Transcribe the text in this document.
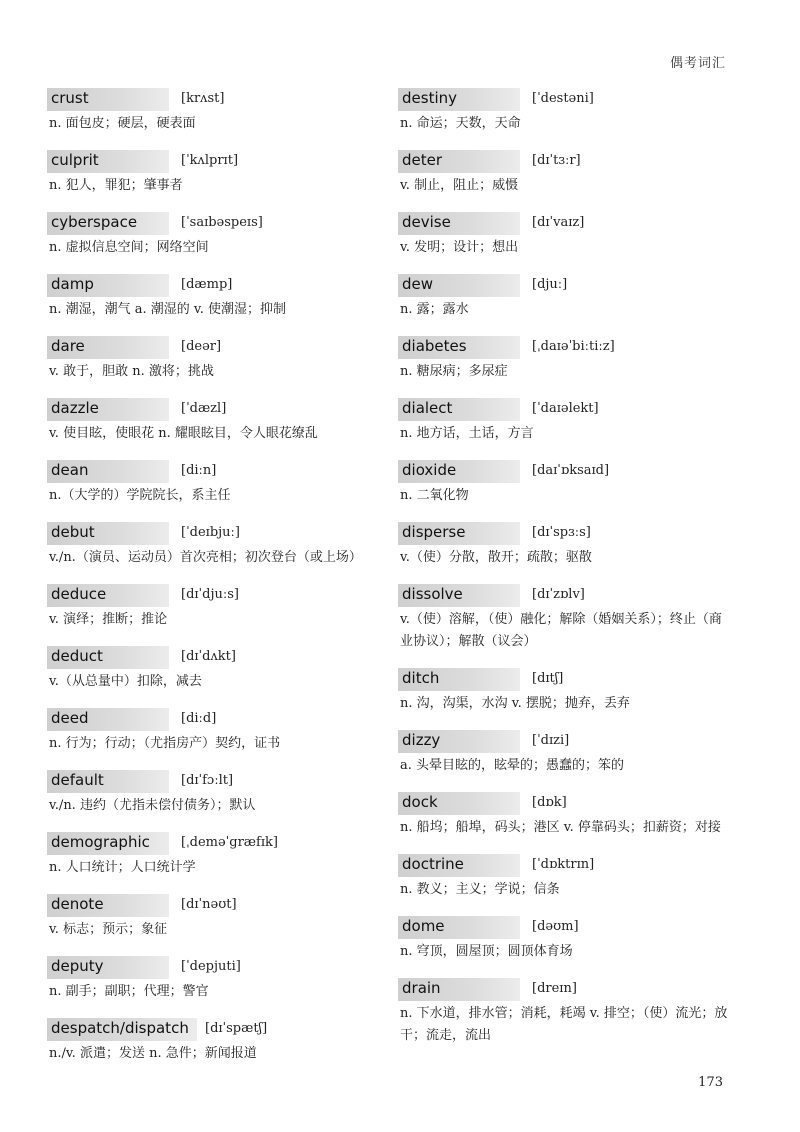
偶考词汇
crust	[krʌst]
n. 面包皮；硬层，硬表面
culprit	[ˈkʌlprɪt]
n. 犯人，罪犯；肇事者
cyberspace	[ˈsaɪbəspeɪs]
n. 虚拟信息空间；网络空间
damp	[dæmp]
n. 潮湿，潮气 a. 潮湿的 v. 使潮湿；抑制
dare	[deər]
v. 敢于，胆敢 n. 激将；挑战
dazzle	[ˈdæzl]
v. 使目眩，使眼花 n. 耀眼眩目，令人眼花缭乱
dean	[diːn]
n.（大学的）学院院长，系主任
debut	[ˈdeɪbjuː]
v./n.（演员、运动员）首次亮相；初次登台（或上场）
deduce	[dɪˈdjuːs]
v. 演绎；推断；推论
deduct	[dɪˈdʌkt]
v.（从总量中）扣除，减去
deed	[diːd]
n. 行为；行动；（尤指房产）契约，证书
default	[dɪˈfɔːlt]
v./n. 违约（尤指未偿付债务）；默认
demographic [ˌdeməˈgræfɪk]
n. 人口统计；人口统计学
denote	[dɪˈnəʊt]
v. 标志；预示；象征
deputy	[ˈdepjuti]
n. 副手；副职；代理；警官
despatch/dispatch [dɪˈspætʃ]
n./v. 派遣；发送 n. 急件；新闻报道
destiny	[ˈdestəni]
n. 命运；天数，天命
deter	[dɪˈtɜːr]
v. 制止，阻止；威慑
devise	[dɪˈvaɪz]
v. 发明；设计；想出
dew	[djuː]
n. 露；露水
diabetes	[ˌdaɪəˈbiːtiːz]
n. 糖尿病；多尿症
dialect	[ˈdaɪəlekt]
n. 地方话，土话，方言
dioxide	[daɪˈɒksaɪd]
n. 二氧化物
disperse	[dɪˈspɜːs]
v.（使）分散，散开；疏散；驱散
dissolve	[dɪˈzɒlv]
v.（使）溶解，（使）融化；解除（婚姻关系）；终止（商业协议）；解散（议会）
ditch	[dɪtʃ]
n. 沟，沟渠，水沟 v. 摆脱；抛弃，丢弃
dizzy	[ˈdɪzi]
a. 头晕目眩的，眩晕的；愚蠢的；笨的
dock	[dɒk]
n. 船坞；船埠，码头；港区 v. 停靠码头；扣薪资；对接
doctrine	[ˈdɒktrɪn]
n. 教义；主义；学说；信条
dome	[dəʊm]
n. 穹顶，圆屋顶；圆顶体育场
drain	[dreɪn]
n. 下水道，排水管；消耗，耗竭 v. 排空；（使）流光；放干；流走，流出
173
